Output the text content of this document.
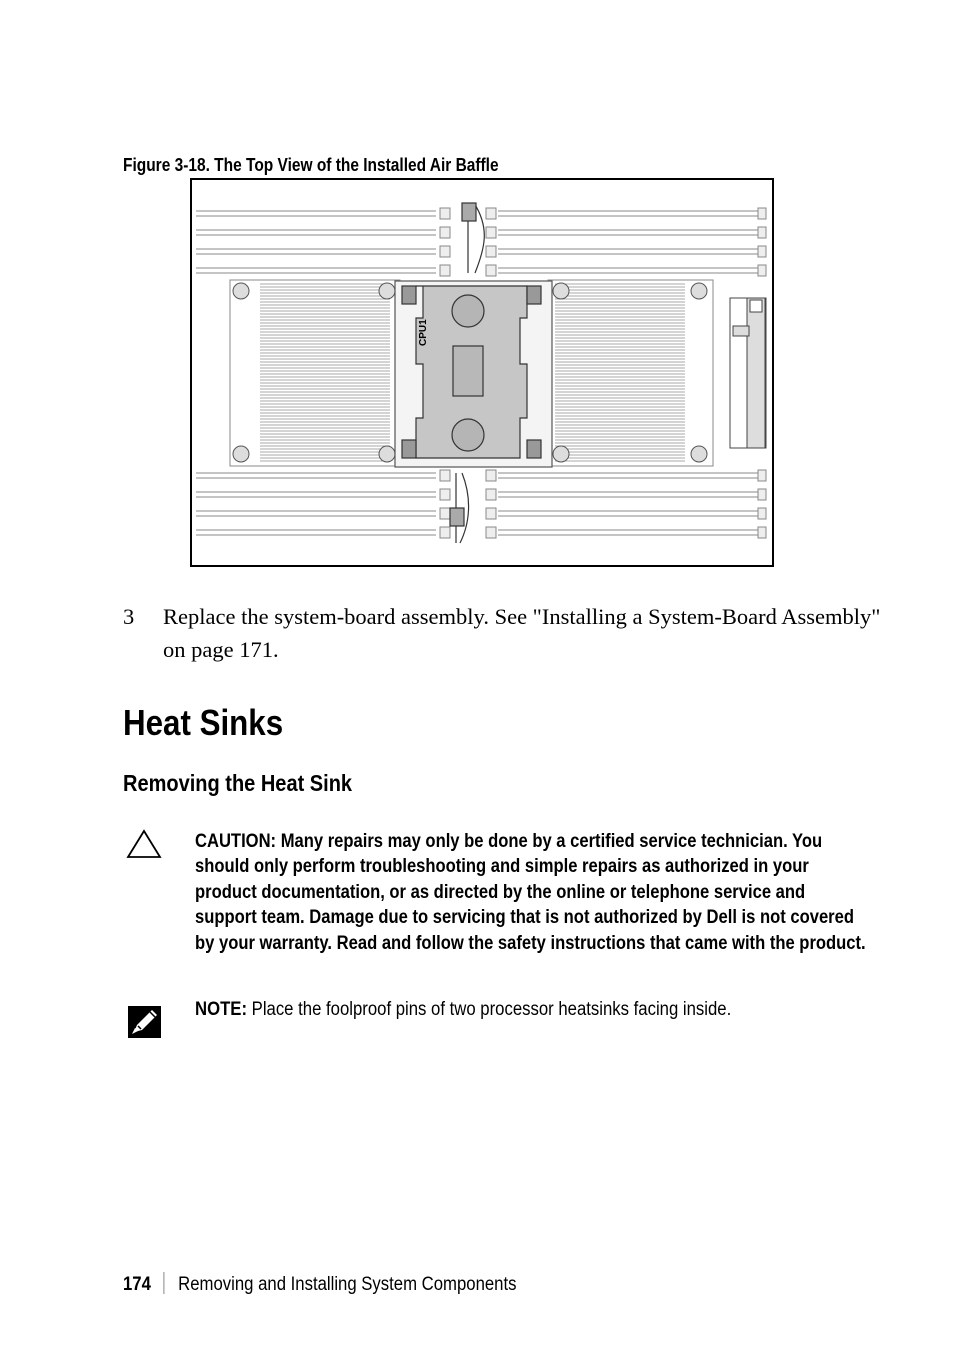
Figure 3-18. The Top View of the Installed Air Baffle
CPU1
3 Replace the system-board assembly. See "Installing a System-Board Assembly" on page 171.
Heat Sinks
Removing the Heat Sink
CAUTION: Many repairs may only be done by a certified service technician. You should only perform troubleshooting and simple repairs as authorized in your product documentation, or as directed by the online or telephone service and support team. Damage due to servicing that is not authorized by Dell is not covered by your warranty. Read and follow the safety instructions that came with the product.
NOTE: Place the foolproof pins of two processor heatsinks facing inside.
174 Removing and Installing System Components
